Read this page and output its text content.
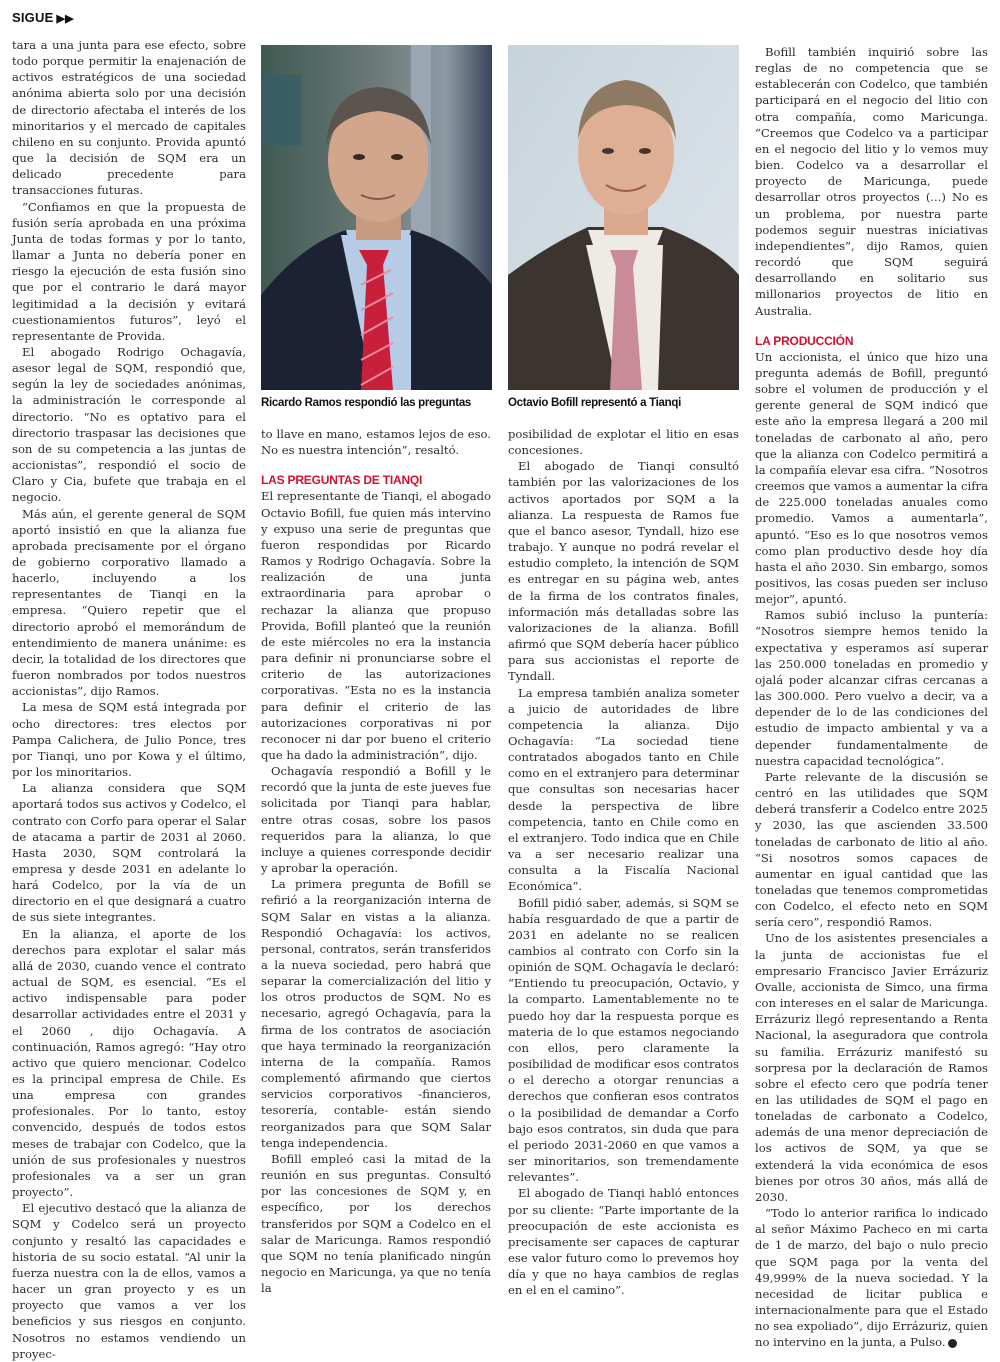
SIGUE ▶▶

tara a una junta para ese efecto, sobre todo porque permitir la enajenación de activos estratégicos de una sociedad anónima abierta solo por una decisión de directorio afectaba el interés de los minoritarios y el mercado de capitales chileno en su conjunto. Provida apuntó que la decisión de SQM era un delicado precedente para transacciones futuras.

“Confiamos en que la propuesta de fusión sería aprobada en una próxima Junta de todas formas y por lo tanto, llamar a Junta no debería poner en riesgo la ejecución de esta fusión sino que por el contrario le dará mayor legitimidad a la decisión y evitará cuestionamientos futuros”, leyó el representante de Provida.

El abogado Rodrigo Ochagavía, asesor legal de SQM, respondió que, según la ley de sociedades anónimas, la administración le corresponde al directorio. “No es optativo para el directorio traspasar las decisiones que son de su competencia a las juntas de accionistas”, respondió el socio de Claro y Cia, bufete que trabaja en el negocio.

Más aún, el gerente general de SQM aportó insistió en que la alianza fue aprobada precisamente por el órgano de gobierno corporativo llamado a hacerlo, incluyendo a los representantes de Tianqi en la empresa. “Quiero repetir que el directorio aprobó el memorándum de entendimiento de manera unánime: es decir, la totalidad de los directores que fueron nombrados por todos nuestros accionistas”, dijo Ramos.

La mesa de SQM está integrada por ocho directores: tres electos por Pampa Calichera, de Julio Ponce, tres por Tianqi, uno por Kowa y el último, por los minoritarios.

La alianza considera que SQM aportará todos sus activos y Codelco, el contrato con Corfo para operar el Salar de atacama a partir de 2031 al 2060. Hasta 2030, SQM controlará la empresa y desde 2031 en adelante lo hará Codelco, por la vía de un directorio en el que designará a cuatro de sus siete integrantes.

En la alianza, el aporte de los derechos para explotar el salar más allá de 2030, cuando vence el contrato actual de SQM, es esencial. “Es el activo indispensable para poder desarrollar actividades entre el 2031 y el 2060 , dijo Ochagavía. A continuación, Ramos agregó: “Hay otro activo que quiero mencionar. Codelco es la principal empresa de Chile. Es una empresa con grandes profesionales. Por lo tanto, estoy convencido, después de todos estos meses de trabajar con Codelco, que la unión de sus profesionales y nuestros profesionales va a ser un gran proyecto”.

El ejecutivo destacó que la alianza de SQM y Codelco será un proyecto conjunto y resaltó las capacidades e historia de su socio estatal. “Al unir la fuerza nuestra con la de ellos, vamos a hacer un gran proyecto y es un proyecto que vamos a ver los beneficios y sus riesgos en conjunto. Nosotros no estamos vendiendo un proyec-

Ricardo Ramos respondió las preguntas	Octavio Bofill representó a Tianqi

to llave en mano, estamos lejos de eso. No es nuestra intención”, resaltó.

LAS PREGUNTAS DE TIANQI

El representante de Tianqi, el abogado Octavio Bofill, fue quien más intervino y expuso una serie de preguntas que fueron respondidas por Ricardo Ramos y Rodrigo Ochagavía. Sobre la realización de una junta extraordinaria para aprobar o rechazar la alianza que propuso Provida, Bofill planteó que la reunión de este miércoles no era la instancia para definir ni pronunciarse sobre el criterio de las autorizaciones corporativas. “Esta no es la instancia para definir el criterio de las autorizaciones corporativas ni por reconocer ni dar por bueno el criterio que ha dado la administración”, dijo.

Ochagavía respondió a Bofill y le recordó que la junta de este jueves fue solicitada por Tianqi para hablar, entre otras cosas, sobre los pasos requeridos para la alianza, lo que incluye a quienes corresponde decidir y aprobar la operación.

La primera pregunta de Bofill se refirió a la reorganización interna de SQM Salar en vistas a la alianza. Respondió Ochagavía: los activos, personal, contratos, serán transferidos a la nueva sociedad, pero habrá que separar la comercialización del litio y los otros productos de SQM. No es necesario, agregó Ochagavía, para la firma de los contratos de asociación que haya terminado la reorganización interna de la compañía. Ramos complementó afirmando que ciertos servicios corporativos -financieros, tesorería, contable- están siendo reorganizados para que SQM Salar tenga independencia.

Bofill empleó casi la mitad de la reunión en sus preguntas. Consultó por las concesiones de SQM y, en específico, por los derechos transferidos por SQM a Codelco en el salar de Maricunga. Ramos respondió que SQM no tenía planificado ningún negocio en Maricunga, ya que no tenía la

posibilidad de explotar el litio en esas concesiones.

El abogado de Tianqi consultó también por las valorizaciones de los activos aportados por SQM a la alianza. La respuesta de Ramos fue que el banco asesor, Tyndall, hizo ese trabajo. Y aunque no podrá revelar el estudio completo, la intención de SQM es entregar en su página web, antes de la firma de los contratos finales, información más detalladas sobre las valorizaciones de la alianza. Bofill afirmó que SQM debería hacer público para sus accionistas el reporte de Tyndall.

La empresa también analiza someter a juicio de autoridades de libre competencia la alianza. Dijo Ochagavía: “La sociedad tiene contratados abogados tanto en Chile como en el extranjero para determinar que consultas son necesarias hacer desde la perspectiva de libre competencia, tanto en Chile como en el extranjero. Todo indica que en Chile va a ser necesario realizar una consulta a la Fiscalía Nacional Económica”.

Bofill pidió saber, además, si SQM se había resguardado de que a partir de 2031 en adelante no se realicen cambios al contrato con Corfo sin la opinión de SQM. Ochagavía le declaró: “Entiendo tu preocupación, Octavio, y la comparto. Lamentablemente no te puedo hoy dar la respuesta porque es materia de lo que estamos negociando con ellos, pero claramente la posibilidad de modificar esos contratos o el derecho a otorgar renuncias a derechos que confieran esos contratos o la posibilidad de demandar a Corfo bajo esos contratos, sin duda que para el periodo 2031-2060 en que vamos a ser minoritarios, son tremendamente relevantes”.

El abogado de Tianqi habló entonces por su cliente: “Parte importante de la preocupación de este accionista es precisamente ser capaces de capturar ese valor futuro como lo prevemos hoy día y que no haya cambios de reglas en el en el camino”.

Bofill también inquirió sobre las reglas de no competencia que se establecerán con Codelco, que también participará en el negocio del litio con otra compañía, como Maricunga. “Creemos que Codelco va a participar en el negocio del litio y lo vemos muy bien. Codelco va a desarrollar el proyecto de Maricunga, puede desarrollar otros proyectos (...) No es un problema, por nuestra parte podemos seguir nuestras iniciativas independientes”, dijo Ramos, quien recordó que SQM seguirá desarrollando en solitario sus millonarios proyectos de litio en Australia.

LA PRODUCCIÓN

Un accionista, el único que hizo una pregunta además de Bofill, preguntó sobre el volumen de producción y el gerente general de SQM indicó que este año la empresa llegará a 200 mil toneladas de carbonato al año, pero que la alianza con Codelco permitirá a la compañía elevar esa cifra. “Nosotros creemos que vamos a aumentar la cifra de 225.000 toneladas anuales como promedio. Vamos a aumentarla”, apuntó. “Eso es lo que nosotros vemos como plan productivo desde hoy día hasta el año 2030. Sin embargo, somos positivos, las cosas pueden ser incluso mejor”, apuntó.

Ramos subió incluso la puntería: “Nosotros siempre hemos tenido la expectativa y esperamos así superar las 250.000 toneladas en promedio y ojalá poder alcanzar cifras cercanas a las 300.000. Pero vuelvo a decir, va a depender de lo de las condiciones del estudio de impacto ambiental y va a depender fundamentalmente de nuestra capacidad tecnológica”.

Parte relevante de la discusión se centró en las utilidades que SQM deberá transferir a Codelco entre 2025 y 2030, las que ascienden 33.500 toneladas de carbonato de litio al año. “Si nosotros somos capaces de aumentar en igual cantidad que las toneladas que tenemos comprometidas con Codelco, el efecto neto en SQM sería cero”, respondió Ramos.

Uno de los asistentes presenciales a la junta de accionistas fue el empresario Francisco Javier Errázuriz Ovalle, accionista de Simco, una firma con intereses en el salar de Maricunga. Errázuriz llegó representando a Renta Nacional, la aseguradora que controla su familia. Errázuriz manifestó su sorpresa por la declaración de Ramos sobre el efecto cero que podría tener en las utilidades de SQM el pago en toneladas de carbonato a Codelco, además de una menor depreciación de los activos de SQM, ya que se extenderá la vida económica de esos bienes por otros 30 años, más allá de 2030.

“Todo lo anterior rarifica lo indicado al señor Máximo Pacheco en mi carta de 1 de marzo, del bajo o nulo precio que SQM paga por la venta del 49,999% de la nueva sociedad. Y la necesidad de licitar publica e internacionalmente para que el Estado no sea expoliado”, dijo Errázuriz, quien no intervino en la junta, a Pulso. P
